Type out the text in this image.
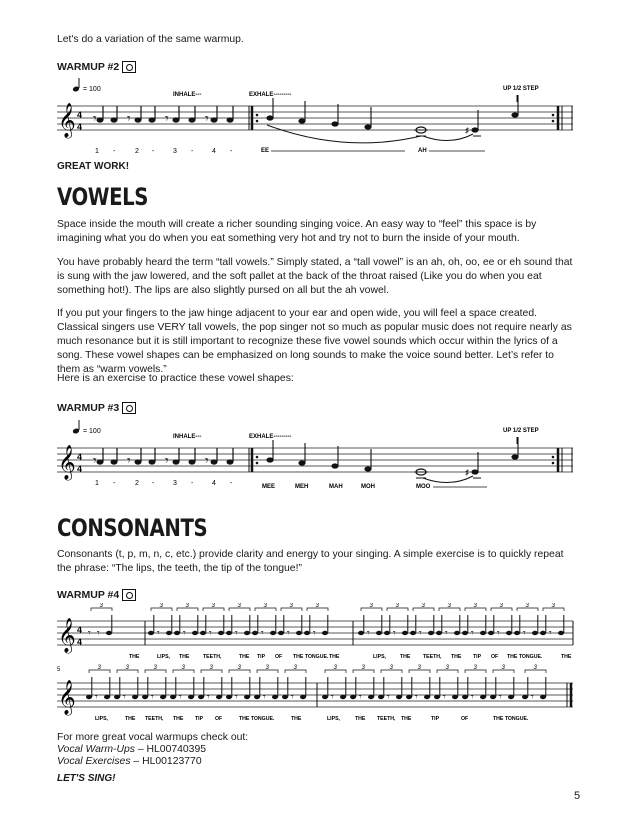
Let's do a variation of the same warmup.

WARMUP #2
= 100
INHALE---	EXHALE---------
UP 1/2 STEP
𝄞 4
4
𝄾 𝄾 𝄾	𝄾
♯
1 -	2 -	3 -	4 -	EE	AH
GREAT WORK!
VOWELS

Space inside the mouth will create a richer sounding singing voice. An easy way to “feel” this space is by imagining what you do when you eat something very hot and try not to burn the inside of your mouth.

You have probably heard the term “tall vowels.” Simply stated, a “tall vowel” is an ah, oh, oo, ee or eh sound that is sung with the jaw lowered, and the soft pallet at the back of the throat raised (Like you do when you eat something hot!). The lips are also slightly pursed on all but the ah vowel.

If you put your fingers to the jaw hinge adjacent to your ear and open wide, you will feel a space created. Classical singers use VERY tall vowels, the pop singer not so much as popular music does not require nearly as much resonance but it is still important to recognize these five vowel sounds which occur within the lyrics of a song. These vowel shapes can be emphasized on long sounds to make the voice sound better. Let’s refer to them as “warm vowels.”

Here is an exercise to practice these vowel shapes:

WARMUP #3
= 100
INHALE---	EXHALE---------
UP 1/2 STEP
𝄞 4
4
𝄾 𝄾 𝄾	𝄾
♯
1 -	2 -	3 -	4 -	MEE	MEH	MAH	MOH	MOO
CONSONANTS

Consonants (t, p, m, n, c, etc.) provide clarity and energy to your singing. A simple exercise is to quickly repeat the phrase: “The lips, the teeth, the tip of the tongue!”

WARMUP #4
𝄞 4
4
𝄾 𝄾
3
𝄾
3
𝄾
3
𝄾
3
𝄾
3
𝄾
3
𝄾
3
𝄾
3
𝄾
3
𝄾
3
𝄾
3
𝄾
3
𝄾
3
𝄾
3
𝄾
3
𝄾
3
THE	LIPS, THE	TEETH,	THE TIP OF THE TONGUE. THE	LIPS,	THE TEETH, THE TIP OF THE TONGUE.	THE
5
𝄞 𝄾
3
𝄾
3
𝄾
3
𝄾
3
𝄾
3
𝄾
3
𝄾
3
𝄾
3
𝄾
3
𝄾
3
𝄾
3
𝄾
3
𝄾
3
𝄾
3
𝄾
3
𝄾
3
LIPS,	THE TEETH, THE TIP OF	THE TONGUE.	THE	LIPS,	THE TEETH, THE	TIP	OF	THE TONGUE.
For more great vocal warmups check out:
Vocal Warm-Ups – HL00740395
Vocal Exercises – HL00123770
LET'S SING!
5
